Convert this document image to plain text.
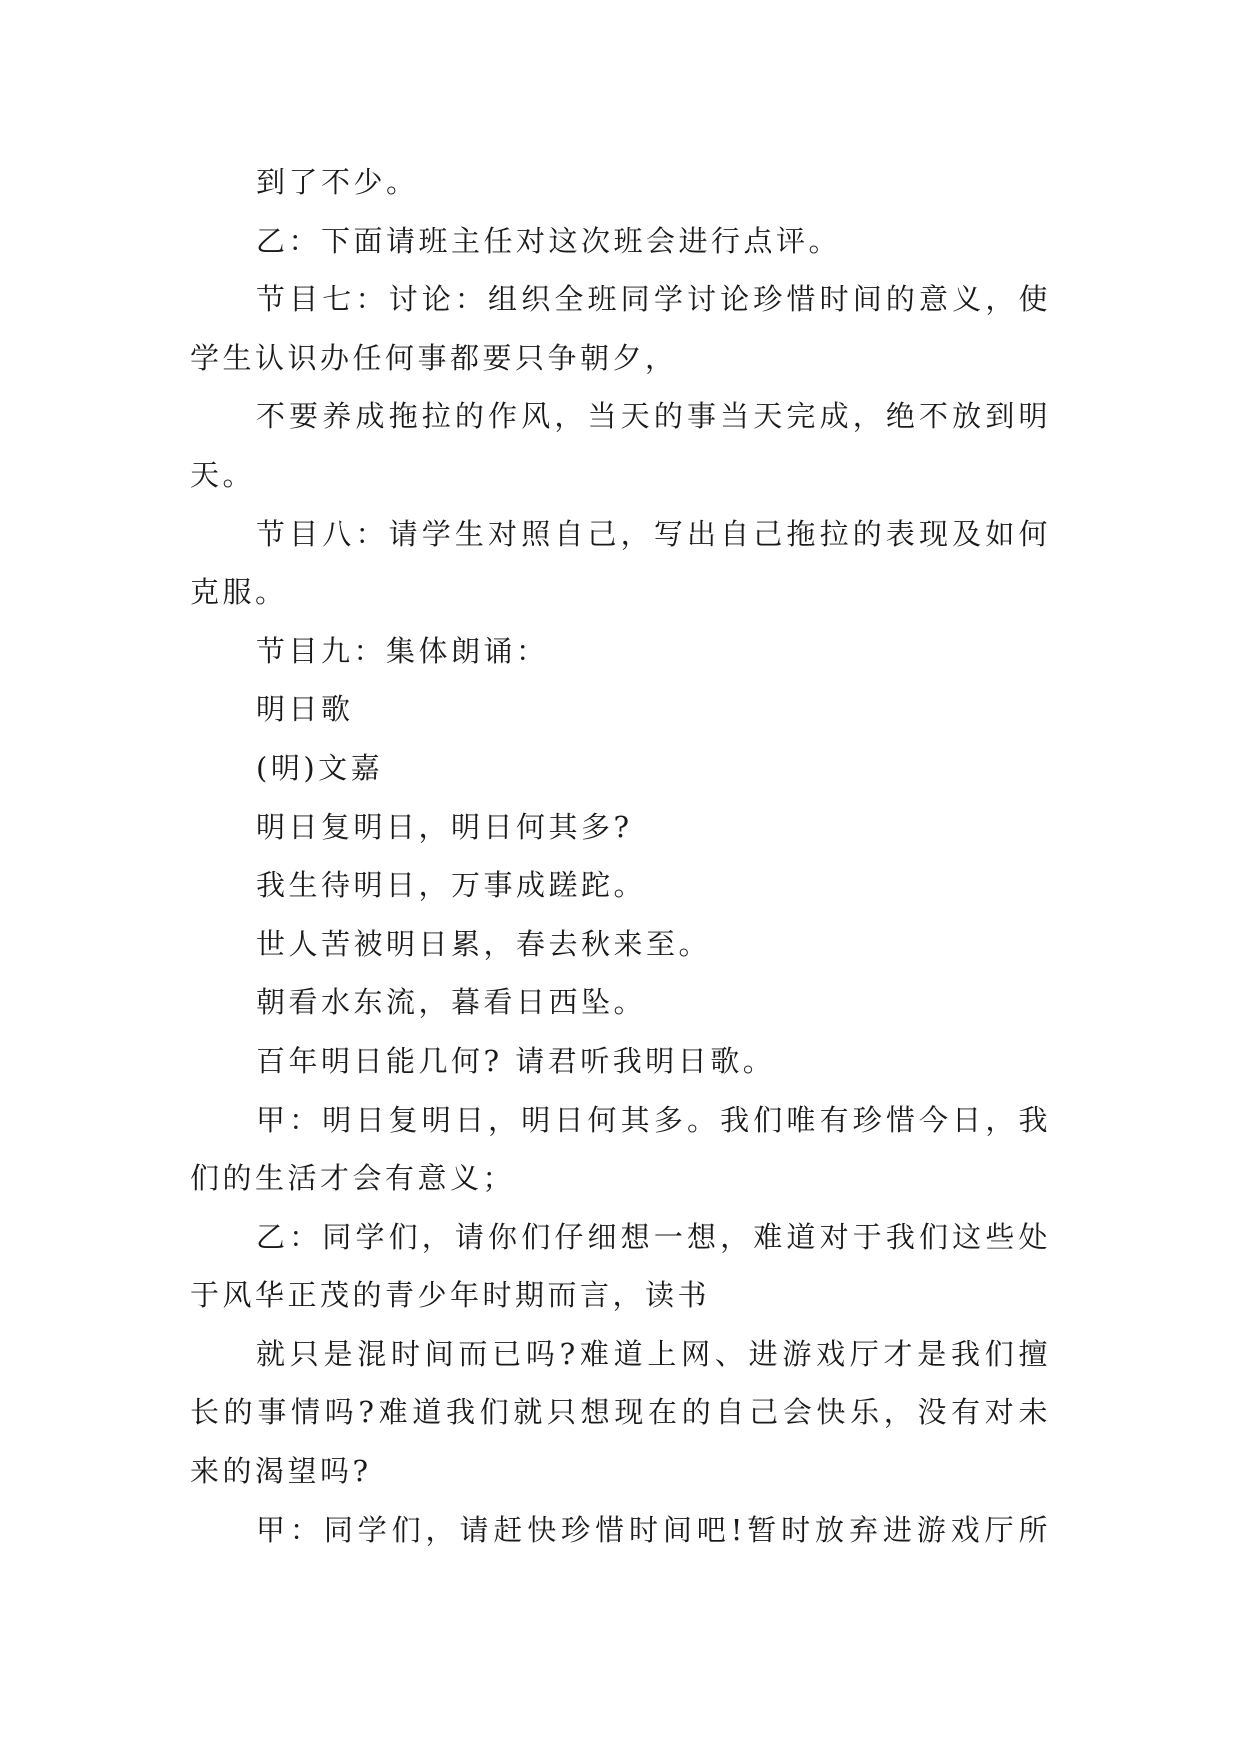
到了不少。
乙：下面请班主任对这次班会进行点评。
节目七：讨论：组织全班同学讨论珍惜时间的意义，使
学生认识办任何事都要只争朝夕，
不要养成拖拉的作风，当天的事当天完成，绝不放到明
天。
节目八：请学生对照自己，写出自己拖拉的表现及如何
克服。
节目九：集体朗诵：
明日歌
(明)文嘉
明日复明日，明日何其多?
我生待明日，万事成蹉跎。
世人苦被明日累，春去秋来至。
朝看水东流，暮看日西坠。
百年明日能几何? 请君听我明日歌。
甲：明日复明日，明日何其多。我们唯有珍惜今日，我
们的生活才会有意义；
乙：同学们，请你们仔细想一想，难道对于我们这些处
于风华正茂的青少年时期而言，读书
就只是混时间而已吗?难道上网、进游戏厅才是我们擅
长的事情吗?难道我们就只想现在的自己会快乐，没有对未
来的渴望吗?
甲：同学们，请赶快珍惜时间吧!暂时放弃进游戏厅所
